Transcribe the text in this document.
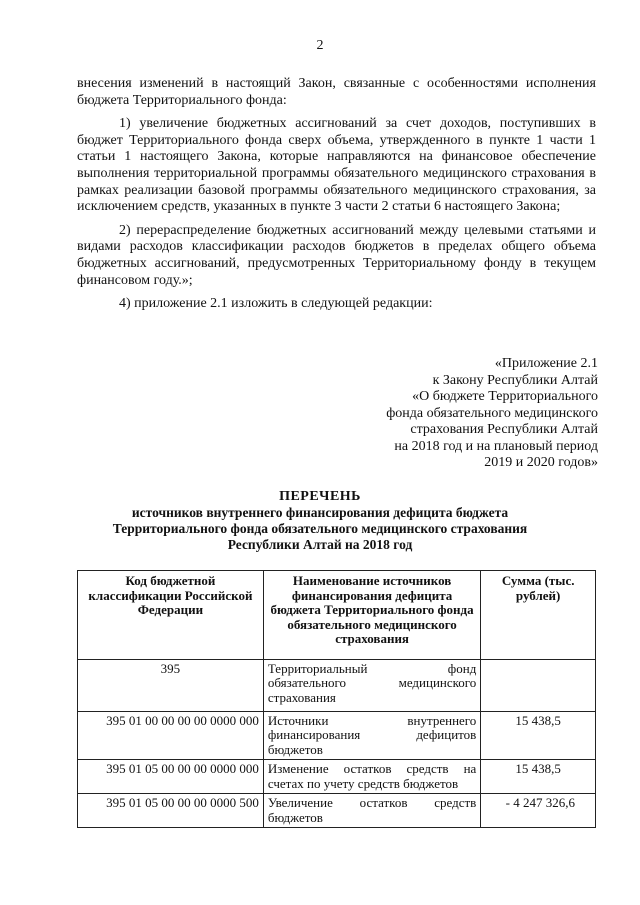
2

внесения изменений в настоящий Закон, связанные с особенностями исполнения бюджета Территориального фонда:

1) увеличение бюджетных ассигнований за счет доходов, поступивших в бюджет Территориального фонда сверх объема, утвержденного в пункте 1 части 1 статьи 1 настоящего Закона, которые направляются на финансовое обеспечение выполнения территориальной программы обязательного медицинского страхования в рамках реализации базовой программы обязательного медицинского страхования, за исключением средств, указанных в пункте 3 части 2 статьи 6 настоящего Закона;

2) перераспределение бюджетных ассигнований между целевыми статьями и видами расходов классификации расходов бюджетов в пределах общего объема бюджетных ассигнований, предусмотренных Территориальному фонду в текущем финансовом году.»;

4) приложение 2.1 изложить в следующей редакции:

«Приложение 2.1
к Закону Республики Алтай
«О бюджете Территориального
фонда обязательного медицинского
страхования Республики Алтай
на 2018 год и на плановый период
2019 и 2020 годов»
ПЕРЕЧЕНЬ
источников внутреннего финансирования дефицита бюджета
Территориального фонда обязательного медицинского страхования
Республики Алтай на 2018 год
Код бюджетной классификации Российской Федерации	Наименование источников финансирования дефицита бюджета Территориального фонда обязательного медицинского страхования	Сумма (тыс. рублей)
395	Территориальный фонд обязательного медицинского страхования	
395 01 00 00 00 00 0000 000	Источники внутреннего финансирования дефицитов бюджетов	15 438,5
395 01 05 00 00 00 0000 000	Изменение остатков средств на счетах по учету средств бюджетов	15 438,5
395 01 05 00 00 00 0000 500	Увеличение остатков средств бюджетов	- 4 247 326,6
